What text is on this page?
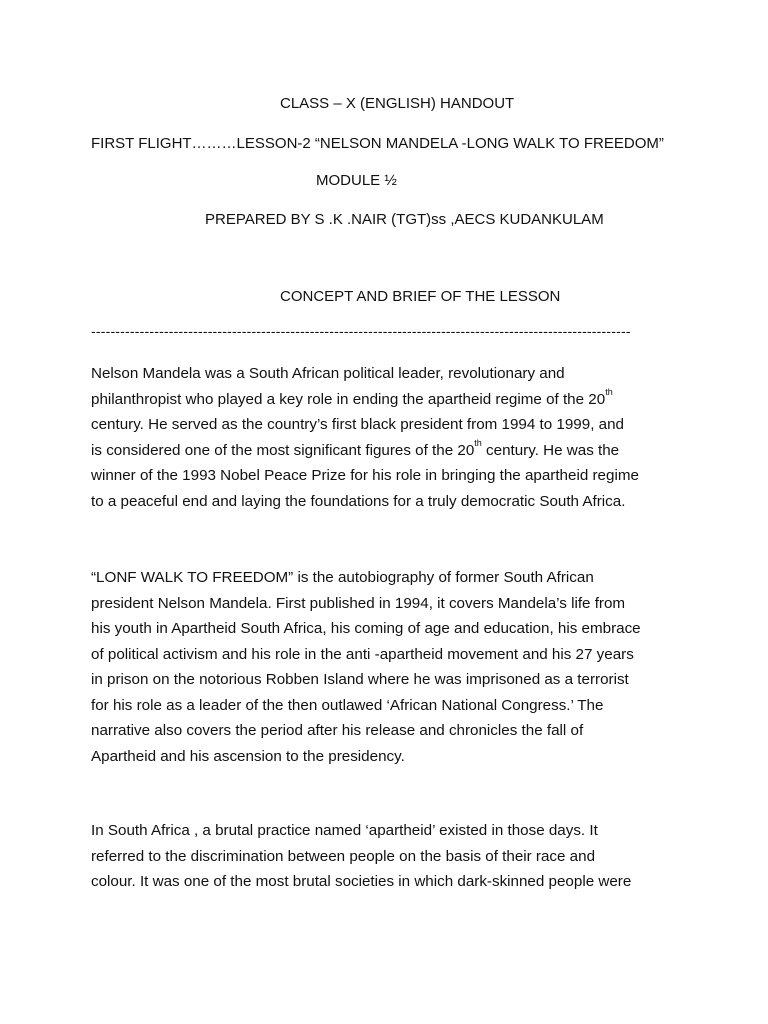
CLASS – X (ENGLISH) HANDOUT
FIRST FLIGHT………LESSON-2 “NELSON MANDELA -LONG WALK TO FREEDOM”
MODULE ½
PREPARED BY S .K .NAIR (TGT)ss ,AECS KUDANKULAM
CONCEPT AND BRIEF OF THE LESSON
---------------------------------------------------------------------------------------------------------------
Nelson Mandela was a South African political leader, revolutionary and
philanthropist who played a key role in ending the apartheid regime of the 20th
century. He served as the country’s first black president from 1994 to 1999, and
is considered one of the most significant figures of the 20th century. He was the
winner of the 1993 Nobel Peace Prize for his role in bringing the apartheid regime
to a peaceful end and laying the foundations for a truly democratic South Africa.
“LONF WALK TO FREEDOM” is the autobiography of former South African
president Nelson Mandela. First published in 1994, it covers Mandela’s life from
his youth in Apartheid South Africa, his coming of age and education, his embrace
of political activism and his role in the anti -apartheid movement and his 27 years
in prison on the notorious Robben Island where he was imprisoned as a terrorist
for his role as a leader of the then outlawed ‘African National Congress.’ The
narrative also covers the period after his release and chronicles the fall of
Apartheid and his ascension to the presidency.
In South Africa , a brutal practice named ‘apartheid’ existed in those days. It
referred to the discrimination between people on the basis of their race and
colour. It was one of the most brutal societies in which dark-skinned people were
